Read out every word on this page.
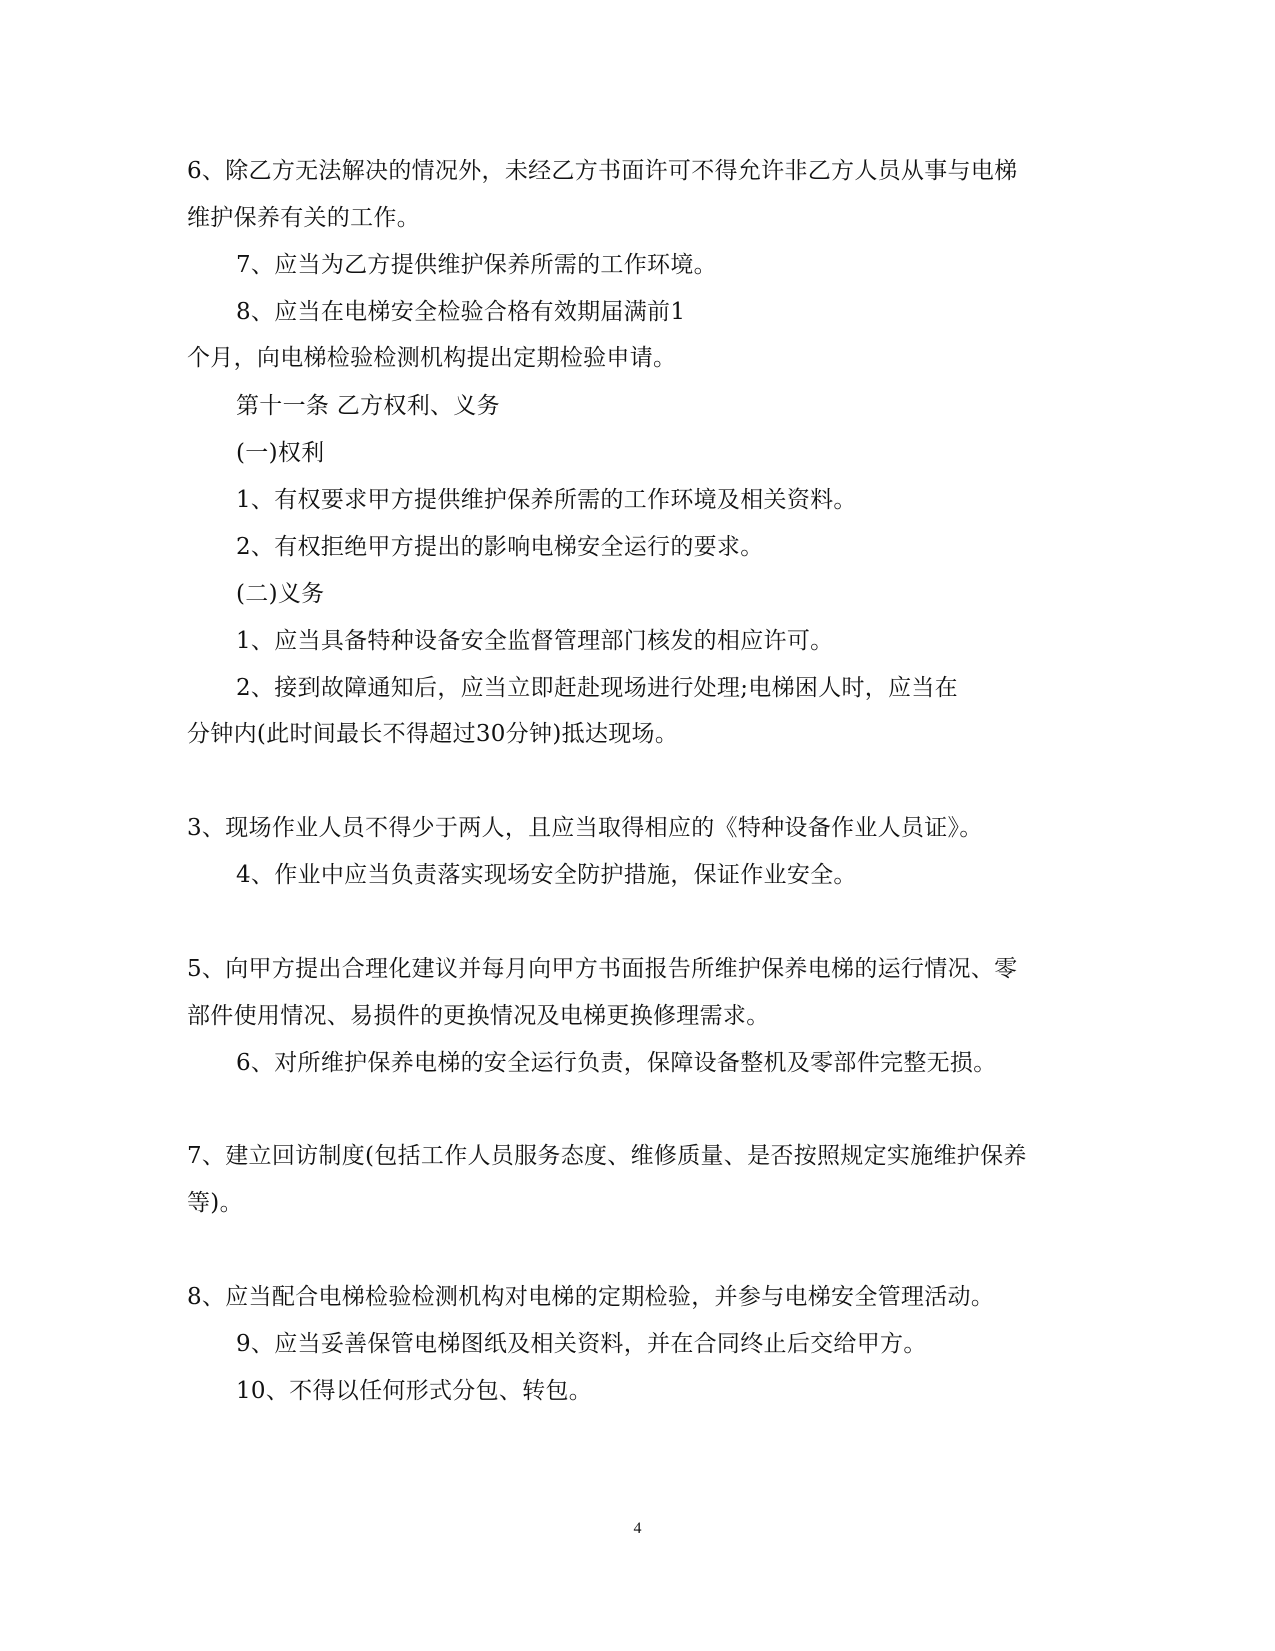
6、除乙方无法解决的情况外，未经乙方书面许可不得允许非乙方人员从事与电梯
维护保养有关的工作。
7、应当为乙方提供维护保养所需的工作环境。
8、应当在电梯安全检验合格有效期届满前1
个月，向电梯检验检测机构提出定期检验申请。
第十一条 乙方权利、义务
(一)权利
1、有权要求甲方提供维护保养所需的工作环境及相关资料。
2、有权拒绝甲方提出的影响电梯安全运行的要求。
(二)义务
1、应当具备特种设备安全监督管理部门核发的相应许可。
2、接到故障通知后，应当立即赶赴现场进行处理;电梯困人时，应当在
分钟内(此时间最长不得超过30分钟)抵达现场。
3、现场作业人员不得少于两人，且应当取得相应的《特种设备作业人员证》。
4、作业中应当负责落实现场安全防护措施，保证作业安全。
5、向甲方提出合理化建议并每月向甲方书面报告所维护保养电梯的运行情况、零
部件使用情况、易损件的更换情况及电梯更换修理需求。
6、对所维护保养电梯的安全运行负责，保障设备整机及零部件完整无损。
7、建立回访制度(包括工作人员服务态度、维修质量、是否按照规定实施维护保养
等)。
8、应当配合电梯检验检测机构对电梯的定期检验，并参与电梯安全管理活动。
9、应当妥善保管电梯图纸及相关资料，并在合同终止后交给甲方。
10、不得以任何形式分包、转包。
4
